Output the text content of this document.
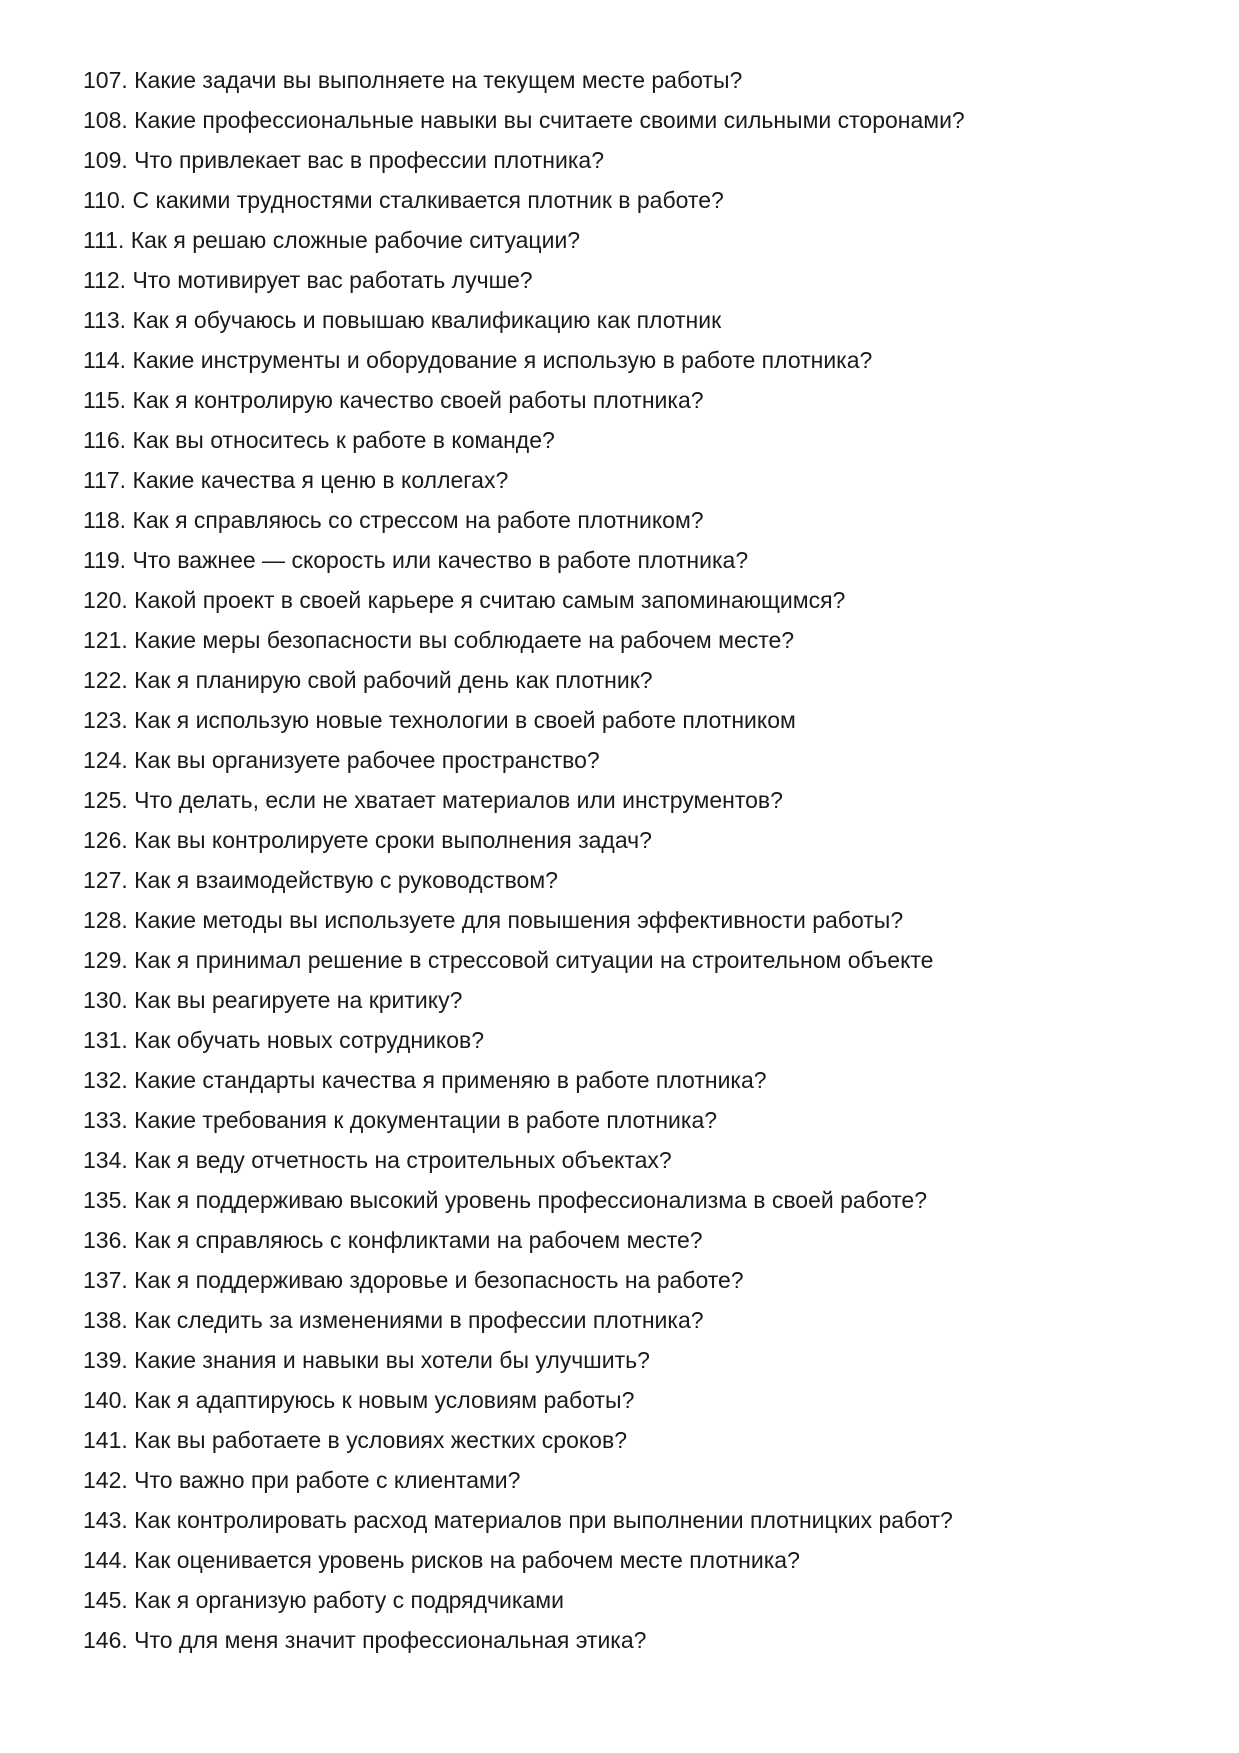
107. Какие задачи вы выполняете на текущем месте работы?
108. Какие профессиональные навыки вы считаете своими сильными сторонами?
109. Что привлекает вас в профессии плотника?
110. С какими трудностями сталкивается плотник в работе?
111. Как я решаю сложные рабочие ситуации?
112. Что мотивирует вас работать лучше?
113. Как я обучаюсь и повышаю квалификацию как плотник
114. Какие инструменты и оборудование я использую в работе плотника?
115. Как я контролирую качество своей работы плотника?
116. Как вы относитесь к работе в команде?
117. Какие качества я ценю в коллегах?
118. Как я справляюсь со стрессом на работе плотником?
119. Что важнее — скорость или качество в работе плотника?
120. Какой проект в своей карьере я считаю самым запоминающимся?
121. Какие меры безопасности вы соблюдаете на рабочем месте?
122. Как я планирую свой рабочий день как плотник?
123. Как я использую новые технологии в своей работе плотником
124. Как вы организуете рабочее пространство?
125. Что делать, если не хватает материалов или инструментов?
126. Как вы контролируете сроки выполнения задач?
127. Как я взаимодействую с руководством?
128. Какие методы вы используете для повышения эффективности работы?
129. Как я принимал решение в стрессовой ситуации на строительном объекте
130. Как вы реагируете на критику?
131. Как обучать новых сотрудников?
132. Какие стандарты качества я применяю в работе плотника?
133. Какие требования к документации в работе плотника?
134. Как я веду отчетность на строительных объектах?
135. Как я поддерживаю высокий уровень профессионализма в своей работе?
136. Как я справляюсь с конфликтами на рабочем месте?
137. Как я поддерживаю здоровье и безопасность на работе?
138. Как следить за изменениями в профессии плотника?
139. Какие знания и навыки вы хотели бы улучшить?
140. Как я адаптируюсь к новым условиям работы?
141. Как вы работаете в условиях жестких сроков?
142. Что важно при работе с клиентами?
143. Как контролировать расход материалов при выполнении плотницких работ?
144. Как оценивается уровень рисков на рабочем месте плотника?
145. Как я организую работу с подрядчиками
146. Что для меня значит профессиональная этика?
